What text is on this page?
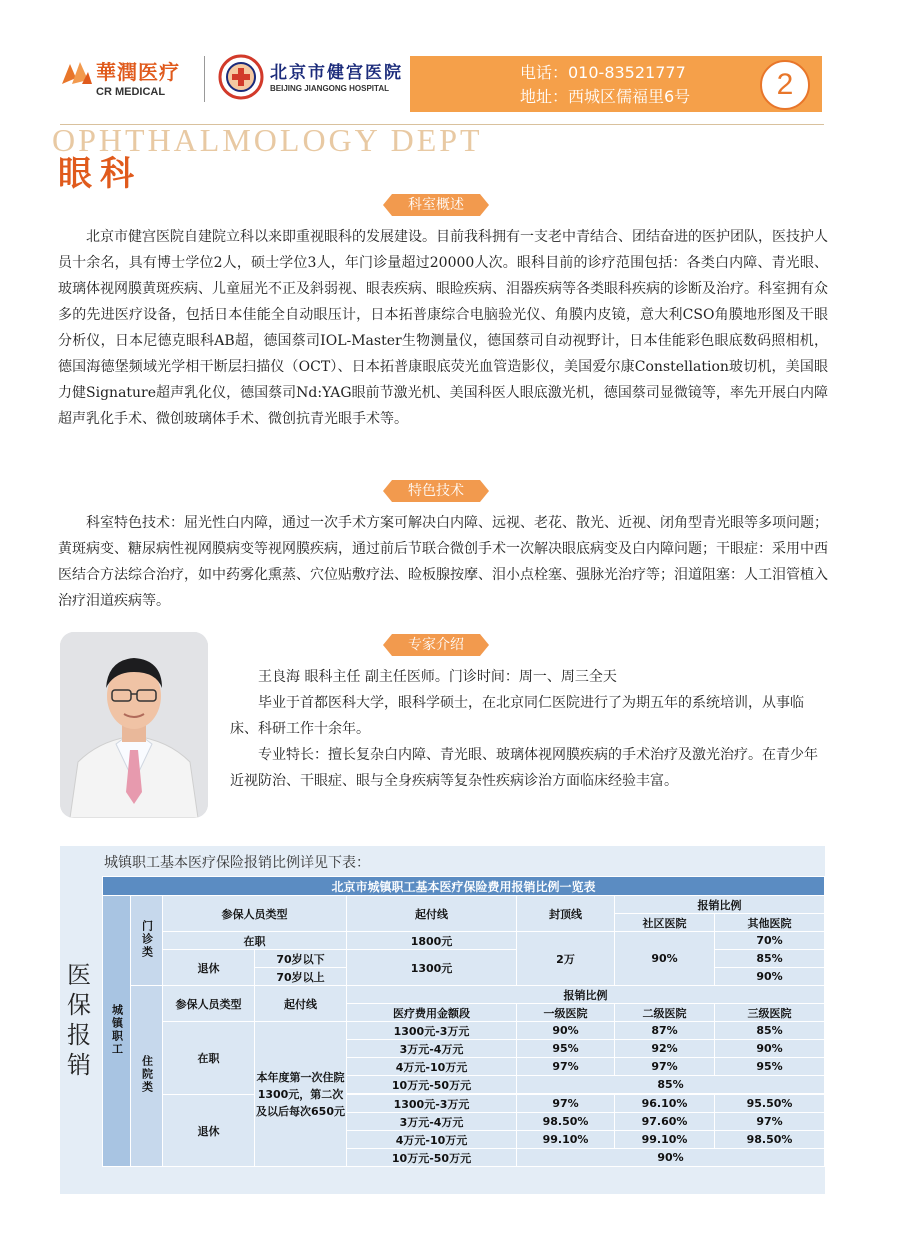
華潤医疗
CR MEDICAL
北京市健宫医院
BEIJING JIANGONG HOSPITAL
电话：010-83521777
地址：西城区儒福里6号	2
OPHTHALMOLOGY DEPT
眼科
科室概述

北京市健宫医院自建院立科以来即重视眼科的发展建设。目前我科拥有一支老中青结合、团结奋进的医护团队，医技护人员十余名，具有博士学位2人，硕士学位3人，年门诊量超过20000人次。眼科目前的诊疗范围包括：各类白内障、青光眼、玻璃体视网膜黄斑疾病、儿童屈光不正及斜弱视、眼表疾病、眼睑疾病、泪器疾病等各类眼科疾病的诊断及治疗。科室拥有众多的先进医疗设备，包括日本佳能全自动眼压计，日本拓普康综合电脑验光仪、角膜内皮镜，意大利CSO角膜地形图及干眼分析仪，日本尼德克眼科AB超，德国蔡司IOL-Master生物测量仪，德国蔡司自动视野计，日本佳能彩色眼底数码照相机，德国海德堡频域光学相干断层扫描仪（OCT）、日本拓普康眼底荧光血管造影仪，美国爱尔康Constellation玻切机，美国眼力健Signature超声乳化仪，德国蔡司Nd:YAG眼前节激光机、美国科医人眼底激光机，德国蔡司显微镜等，率先开展白内障超声乳化手术、微创玻璃体手术、微创抗青光眼手术等。

特色技术

科室特色技术：屈光性白内障，通过一次手术方案可解决白内障、远视、老花、散光、近视、闭角型青光眼等多项问题；黄斑病变、糖尿病性视网膜病变等视网膜疾病，通过前后节联合微创手术一次解决眼底病变及白内障问题；干眼症：采用中西医结合方法综合治疗，如中药雾化熏蒸、穴位贴敷疗法、睑板腺按摩、泪小点栓塞、强脉光治疗等；泪道阻塞：人工泪管植入治疗泪道疾病等。

专家介绍

王良海 眼科主任 副主任医师。门诊时间：周一、周三全天

毕业于首都医科大学，眼科学硕士，在北京同仁医院进行了为期五年的系统培训，从事临床、科研工作十余年。

专业特长：擅长复杂白内障、青光眼、玻璃体视网膜疾病的手术治疗及激光治疗。在青少年近视防治、干眼症、眼与全身疾病等复杂性疾病诊治方面临床经验丰富。

城镇职工基本医疗保险报销比例详见下表：
医保报销
北京市城镇职工基本医疗保险费用报销比例一览表							
城镇职工	门诊类	参保人员类型		起付线	封顶线	报销比例	
						社区医院	其他医院
		在职		1800元	2万	90%	70%
		退休	70岁以下	1300元			85%
			70岁以上				90%
	住院类	参保人员类型	起付线	报销比例			
				医疗费用金额段	一级医院	二级医院	三级医院
		在职	本年度第一次住院1300元，第二次及以后每次650元	1300元-3万元	90%	87%	85%
				3万元-4万元	95%	92%	90%
				4万元-10万元	97%	97%	95%
				10万元-50万元	85%		

		退休		1300元-3万元	97%	96.10%	95.50%
				3万元-4万元	98.50%	97.60%	97%
				4万元-10万元	99.10%	99.10%	98.50%
				10万元-50万元	90%		
